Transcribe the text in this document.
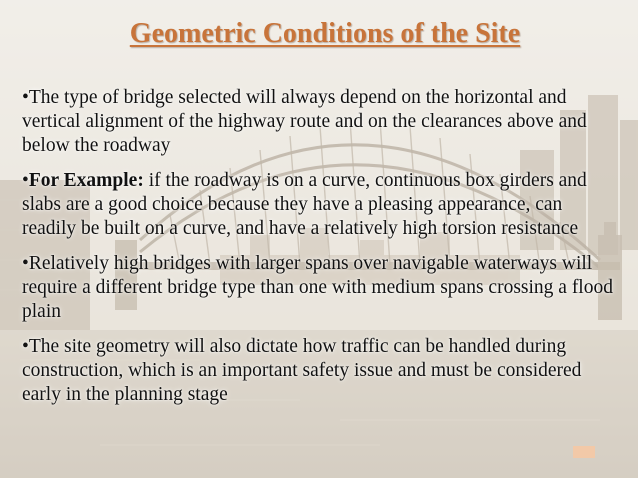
Geometric Conditions of the Site

•The type of bridge selected will always depend on the horizontal and vertical alignment of the highway route and on the clearances above and below the roadway

•For Example: if the roadway is on a curve, continuous box girders and slabs are a good choice because they have a pleasing appearance, can readily be built on a curve, and have a relatively high torsion resistance

•Relatively high bridges with larger spans over navigable waterways will require a different bridge type than one with medium spans crossing a flood plain

•The site geometry will also dictate how traffic can be handled during construction, which is an important safety issue and must be considered early in the planning stage
